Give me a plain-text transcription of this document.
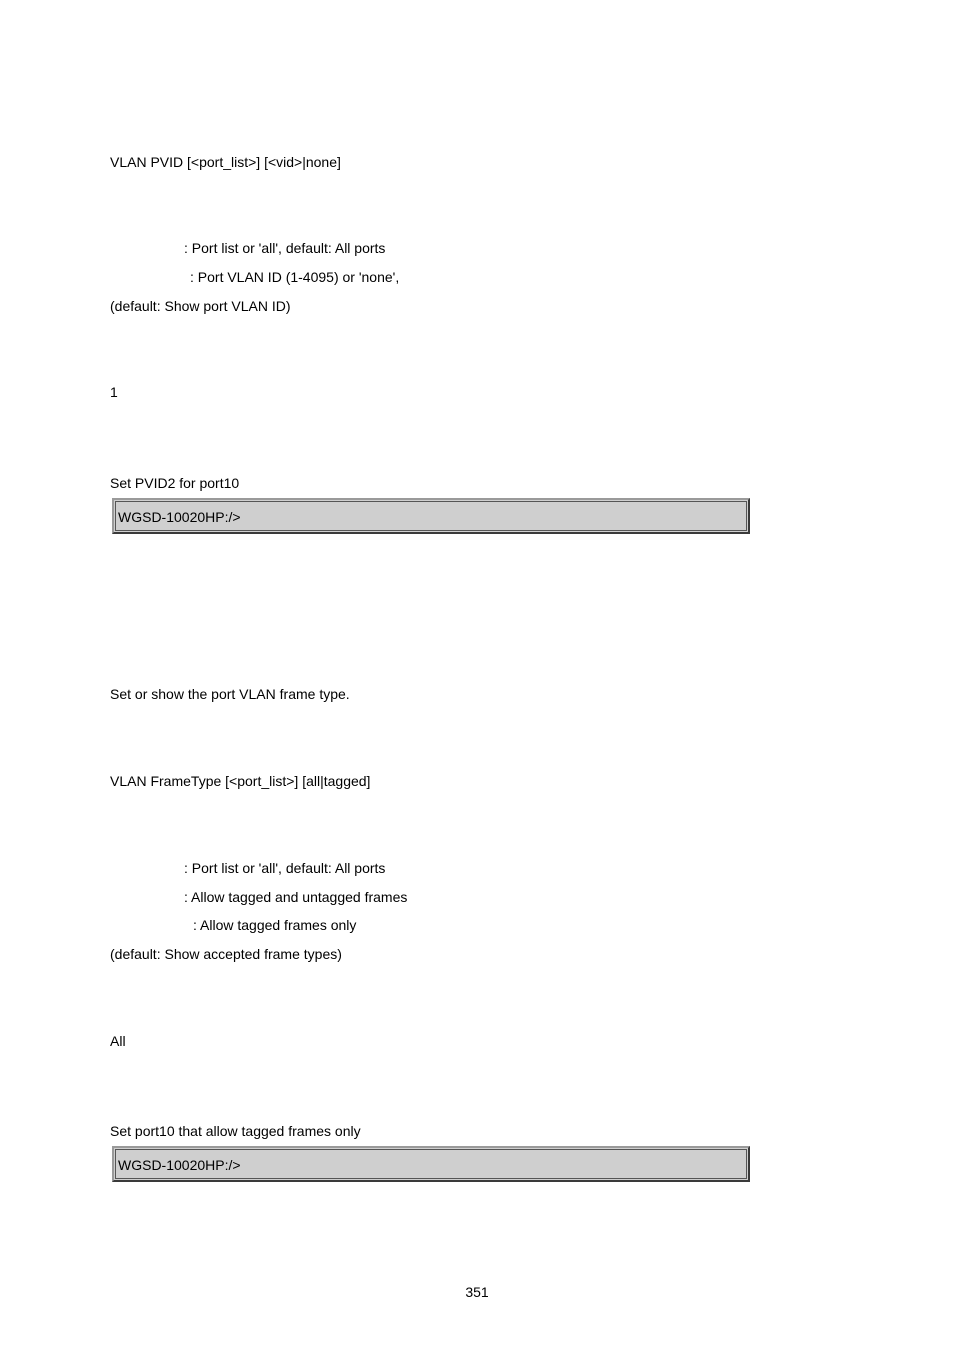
VLAN PVID [<port_list>] [<vid>|none]
: Port list or 'all', default: All ports
: Port VLAN ID (1-4095) or 'none',
(default: Show port VLAN ID)
1
Set PVID2 for port10
WGSD-10020HP:/>
Set or show the port VLAN frame type.
VLAN FrameType [<port_list>] [all|tagged]
: Port list or 'all', default: All ports
: Allow tagged and untagged frames
: Allow tagged frames only
(default: Show accepted frame types)
All
Set port10 that allow tagged frames only
WGSD-10020HP:/>
351
